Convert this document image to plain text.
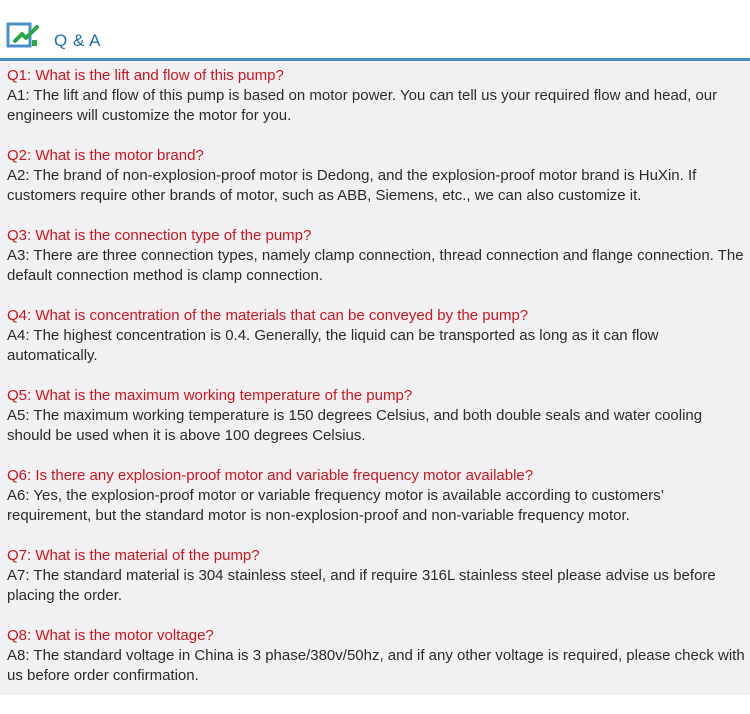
Q & A
Q1: What is the lift and flow of this pump?
A1: The lift and flow of this pump is based on motor power. You can tell us your required flow and head, our engineers will customize the motor for you.
Q2: What is the motor brand?
A2: The brand of non-explosion-proof motor is Dedong, and the explosion-proof motor brand is HuXin. If customers require other brands of motor, such as ABB, Siemens, etc., we can also customize it.
Q3: What is the connection type of the pump?
A3: There are three connection types, namely clamp connection, thread connection and flange connection. The default connection method is clamp connection.
Q4: What is concentration of the materials that can be conveyed by the pump?
A4: The highest concentration is 0.4. Generally, the liquid can be transported as long as it can flow automatically.
Q5: What is the maximum working temperature of the pump?
A5: The maximum working temperature is 150 degrees Celsius, and both double seals and water cooling should be used when it is above 100 degrees Celsius.
Q6: Is there any explosion-proof motor and variable frequency motor available?
A6: Yes, the explosion-proof motor or variable frequency motor is available according to customers’ requirement, but the standard motor is non-explosion-proof and non-variable frequency motor.
Q7: What is the material of the pump?
A7: The standard material is 304 stainless steel, and if require 316L stainless steel please advise us before placing the order.
Q8: What is the motor voltage?
A8: The standard voltage in China is 3 phase/380v/50hz, and if any other voltage is required, please check with us before order confirmation.
